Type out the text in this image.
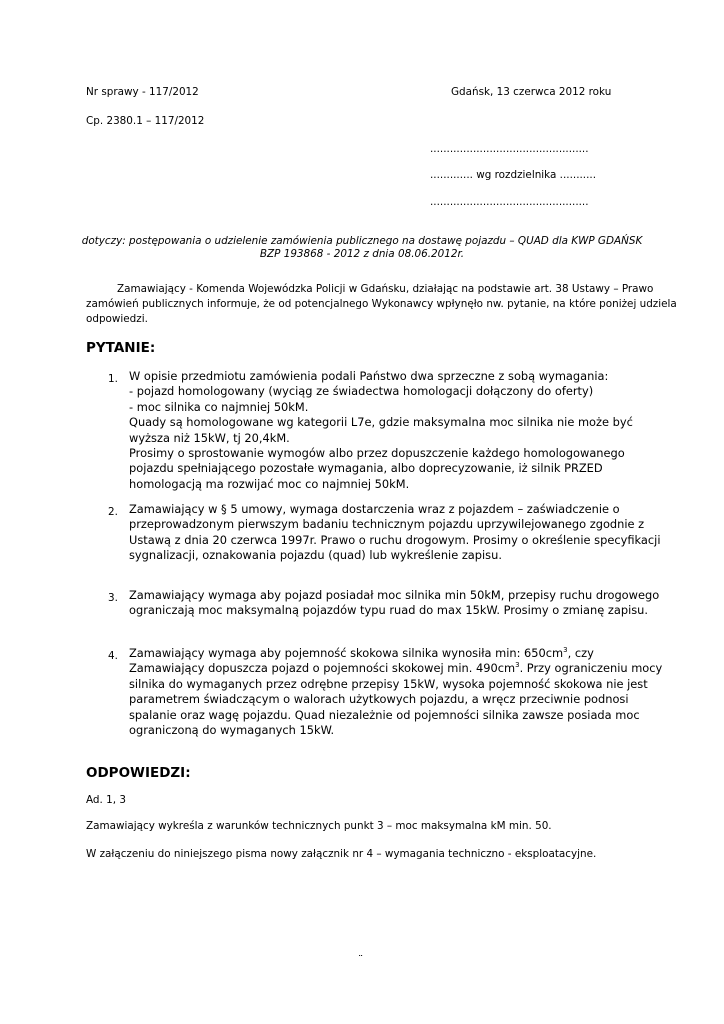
Nr sprawy - 117/2012	Gdańsk, 13 czerwca 2012 roku
Cp. 2380.1 – 117/2012
................................................
............. wg rozdzielnika ...........
................................................
dotyczy: postępowania o udzielenie zamówienia publicznego na dostawę pojazdu – QUAD dla KWP GDAŃSK
BZP 193868 - 2012 z dnia 08.06.2012r.
Zamawiający - Komenda Wojewódzka Policji w Gdańsku, działając na podstawie art. 38 Ustawy – Prawo
zamówień publicznych informuje, że od potencjalnego Wykonawcy wpłynęło nw. pytanie, na które poniżej udziela
odpowiedzi.
PYTANIE:
1. W opisie przedmiotu zamówienia podali Państwo dwa sprzeczne z sobą wymagania:
- pojazd homologowany (wyciąg ze świadectwa homologacji dołączony do oferty)
- moc silnika co najmniej 50kM.
Quady są homologowane wg kategorii L7e, gdzie maksymalna moc silnika nie może być
wyższa niż 15kW, tj 20,4kM.
Prosimy o sprostowanie wymogów albo przez dopuszczenie każdego homologowanego
pojazdu spełniającego pozostałe wymagania, albo doprecyzowanie, iż silnik PRZED
homologacją ma rozwijać moc co najmniej 50kM.
2. Zamawiający w § 5 umowy, wymaga dostarczenia wraz z pojazdem – zaświadczenie o
przeprowadzonym pierwszym badaniu technicznym pojazdu uprzywilejowanego zgodnie z
Ustawą z dnia 20 czerwca 1997r. Prawo o ruchu drogowym. Prosimy o określenie specyfikacji
sygnalizacji, oznakowania pojazdu (quad) lub wykreślenie zapisu.
3. Zamawiający wymaga aby pojazd posiadał moc silnika min 50kM, przepisy ruchu drogowego
ograniczają moc maksymalną pojazdów typu ruad do max 15kW. Prosimy o zmianę zapisu.
4. Zamawiający wymaga aby pojemność skokowa silnika wynosiła min: $650cm^3$, czy
Zamawiający dopuszcza pojazd o pojemności skokowej min. $490cm^3$. Przy ograniczeniu mocy
silnika do wymaganych przez odrębne przepisy 15kW, wysoka pojemność skokowa nie jest
parametrem świadczącym o walorach użytkowych pojazdu, a wręcz przeciwnie podnosi
spalanie oraz wagę pojazdu. Quad niezależnie od pojemności silnika zawsze posiada moc
ograniczoną do wymaganych 15kW.
ODPOWIEDZI:
Ad. 1, 3
Zamawiający wykreśla z warunków technicznych punkt 3 – moc maksymalna kM min. 50.
W załączeniu do niniejszego pisma nowy załącznik nr 4 – wymagania techniczno - eksploatacyjne.
¨
